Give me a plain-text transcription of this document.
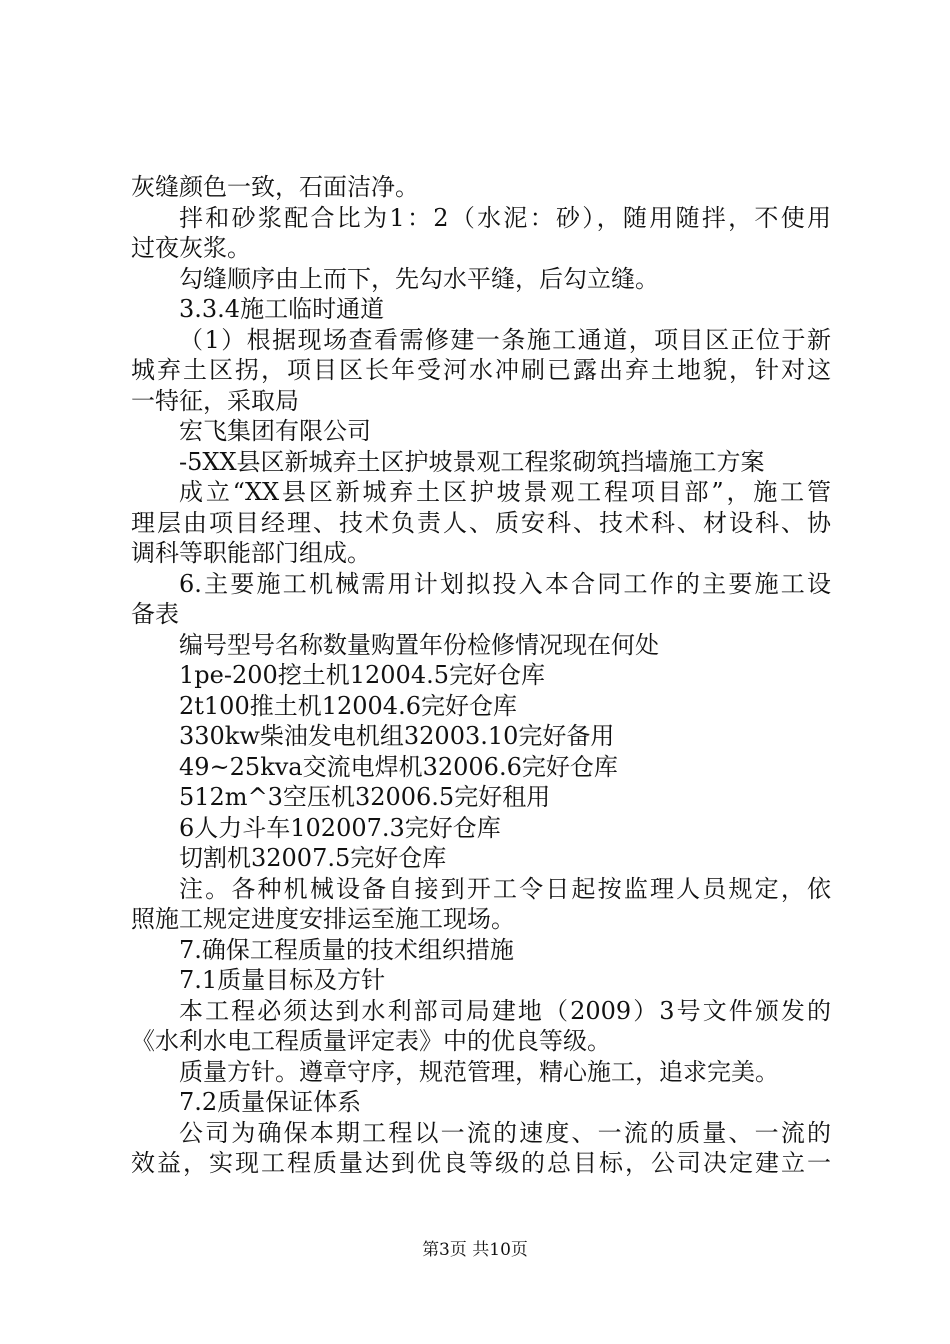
灰缝颜色一致，石面洁净。
拌和砂浆配合比为1：2（水泥：砂），随用随拌，不使用
过夜灰浆。
勾缝顺序由上而下，先勾水平缝，后勾立缝。
3.3.4施工临时通道
（1）根据现场查看需修建一条施工通道，项目区正位于新
城弃土区拐，项目区长年受河水冲刷已露出弃土地貌，针对这
一特征，采取局
宏飞集团有限公司
-5XX县区新城弃土区护坡景观工程浆砌筑挡墙施工方案
成立“XX县区新城弃土区护坡景观工程项目部”，施工管
理层由项目经理、技术负责人、质安科、技术科、材设科、协
调科等职能部门组成。
6.主要施工机械需用计划拟投入本合同工作的主要施工设
备表
编号型号名称数量购置年份检修情况现在何处
1pe-200挖土机12004.5完好仓库
2t100推土机12004.6完好仓库
330kw柴油发电机组32003.10完好备用
49~25kva交流电焊机32006.6完好仓库
512m^3空压机32006.5完好租用
6人力斗车102007.3完好仓库
切割机32007.5完好仓库
注。各种机械设备自接到开工令日起按监理人员规定，依
照施工规定进度安排运至施工现场。
7.确保工程质量的技术组织措施
7.1质量目标及方针
本工程必须达到水利部司局建地（2009）3号文件颁发的
《水利水电工程质量评定表》中的优良等级。
质量方针。遵章守序，规范管理，精心施工，追求完美。
7.2质量保证体系
公司为确保本期工程以一流的速度、一流的质量、一流的
效益，实现工程质量达到优良等级的总目标，公司决定建立一
第3页 共10页
